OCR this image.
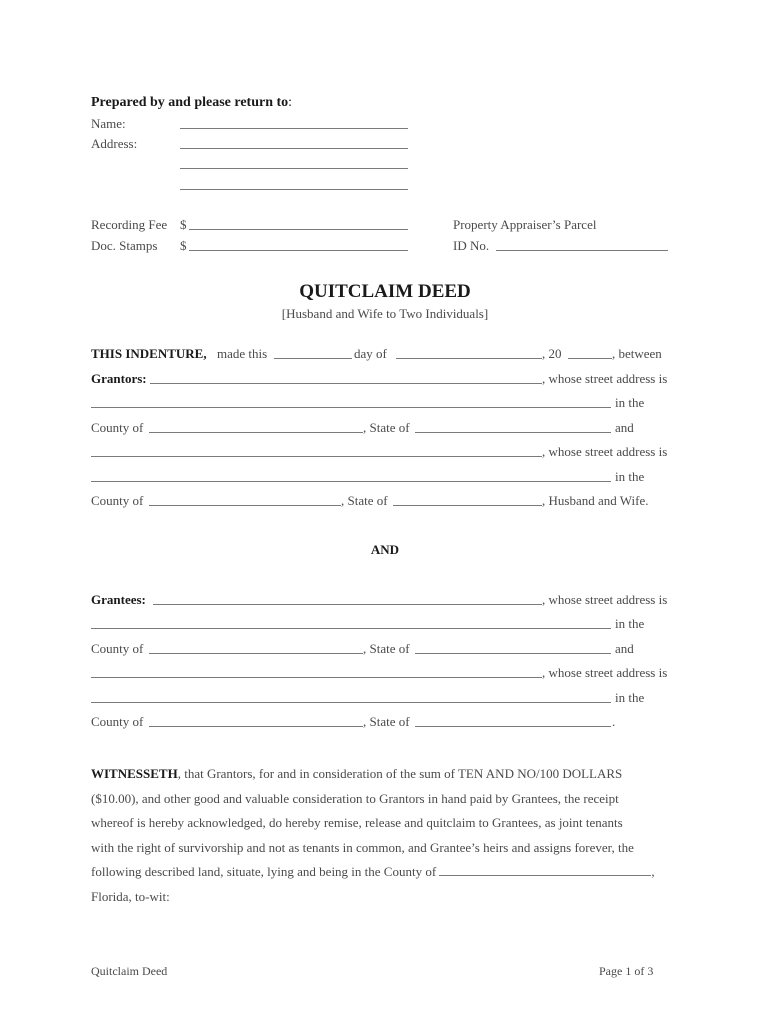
Prepared by and please return to:
Name:
Address:
Recording Fee $
Doc. Stamps $
Property Appraiser’s Parcel
ID No.
QUITCLAIM DEED
[Husband and Wife to Two Individuals]
THIS INDENTURE, made this	day of	, 20	, between
Grantors:	, whose street address is
in the
County of	, State of	and
, whose street address is
in the
County of	, State of	, Husband and Wife.
AND
Grantees:	, whose street address is
in the
County of	, State of	and
, whose street address is
in the
County of	, State of	.
WITNESSETH, that Grantors, for and in consideration of the sum of TEN AND NO/100 DOLLARS
($10.00), and other good and valuable consideration to Grantors in hand paid by Grantees, the receipt
whereof is hereby acknowledged, do hereby remise, release and quitclaim to Grantees, as joint tenants
with the right of survivorship and not as tenants in common, and Grantee’s heirs and assigns forever, the
following described land, situate, lying and being in the County of	,
Florida, to-wit:
Quitclaim Deed	Page 1 of 3
